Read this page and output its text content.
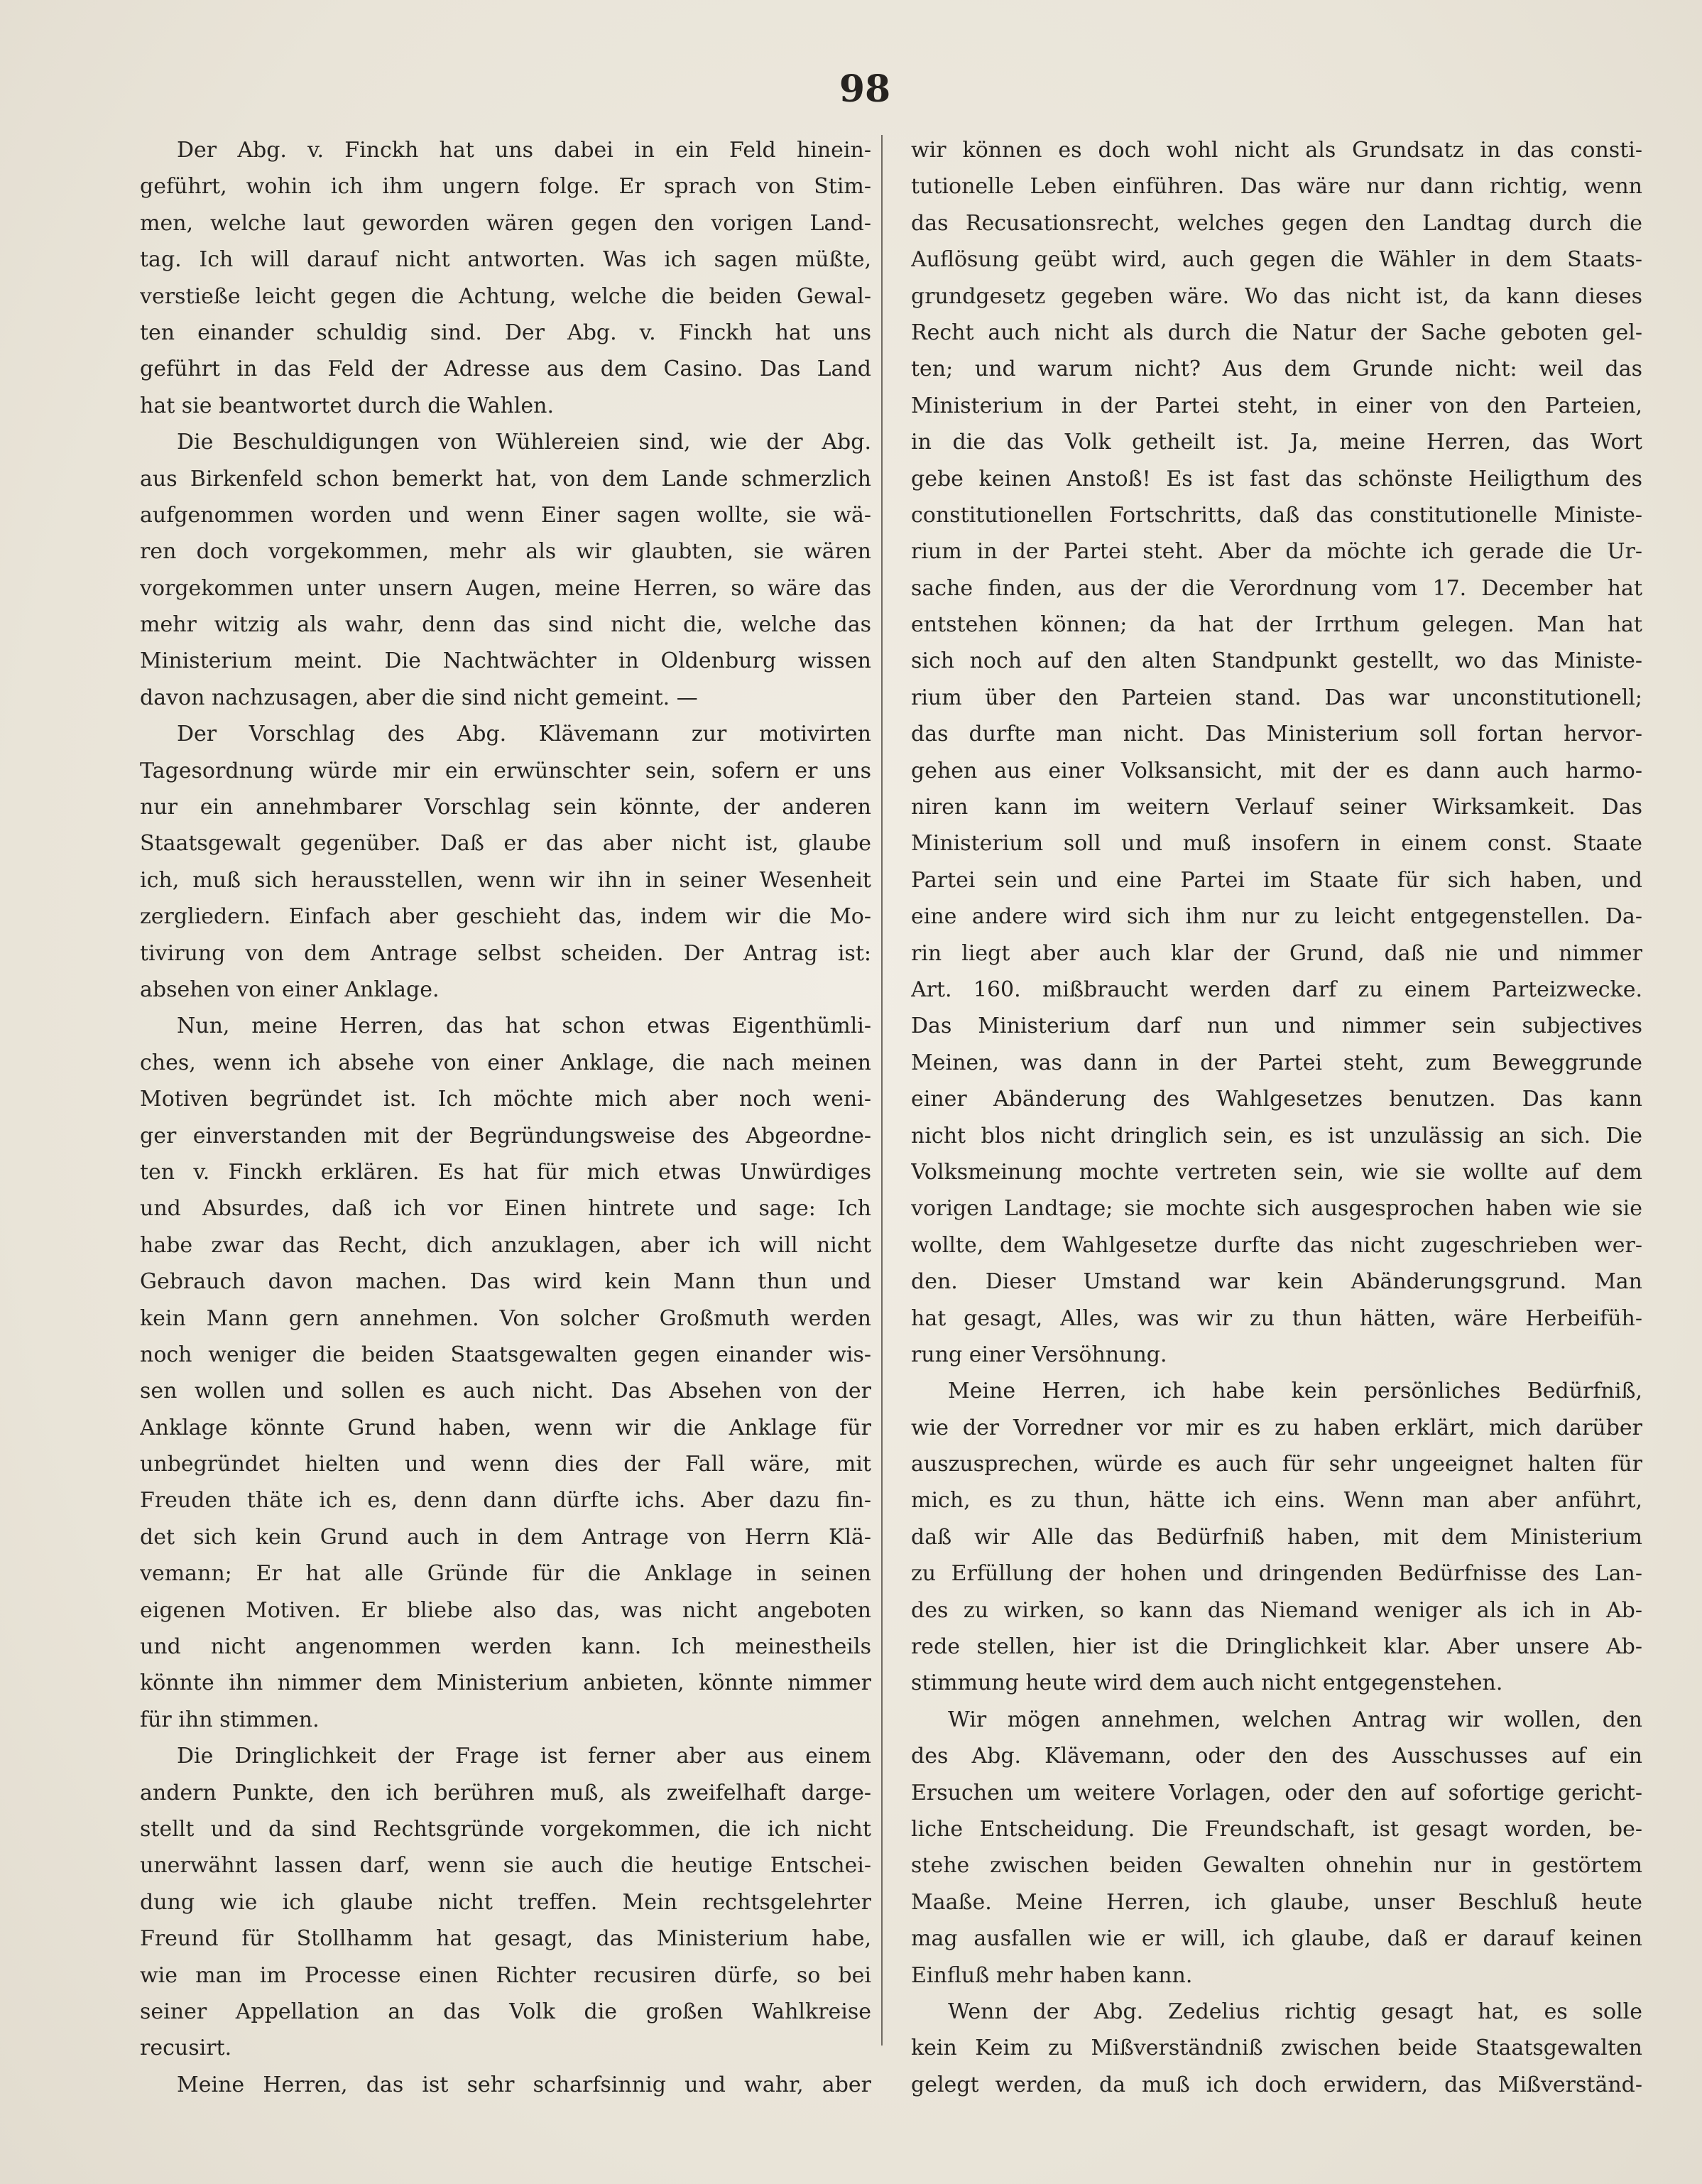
98
Der Abg. v. Finckh hat uns dabei in ein Feld hinein-
geführt, wohin ich ihm ungern folge. Er sprach von Stim-
men, welche laut geworden wären gegen den vorigen Land-
tag. Ich will darauf nicht antworten. Was ich sagen müßte,
verstieße leicht gegen die Achtung, welche die beiden Gewal-
ten einander schuldig sind. Der Abg. v. Finckh hat uns
geführt in das Feld der Adresse aus dem Casino. Das Land
hat sie beantwortet durch die Wahlen.
Die Beschuldigungen von Wühlereien sind, wie der Abg.
aus Birkenfeld schon bemerkt hat, von dem Lande schmerzlich
aufgenommen worden und wenn Einer sagen wollte, sie wä-
ren doch vorgekommen, mehr als wir glaubten, sie wären
vorgekommen unter unsern Augen, meine Herren, so wäre das
mehr witzig als wahr, denn das sind nicht die, welche das
Ministerium meint. Die Nachtwächter in Oldenburg wissen
davon nachzusagen, aber die sind nicht gemeint. —
Der Vorschlag des Abg. Klävemann zur motivirten
Tagesordnung würde mir ein erwünschter sein, sofern er uns
nur ein annehmbarer Vorschlag sein könnte, der anderen
Staatsgewalt gegenüber. Daß er das aber nicht ist, glaube
ich, muß sich herausstellen, wenn wir ihn in seiner Wesenheit
zergliedern. Einfach aber geschieht das, indem wir die Mo-
tivirung von dem Antrage selbst scheiden. Der Antrag ist:
absehen von einer Anklage.
Nun, meine Herren, das hat schon etwas Eigenthümli-
ches, wenn ich absehe von einer Anklage, die nach meinen
Motiven begründet ist. Ich möchte mich aber noch weni-
ger einverstanden mit der Begründungsweise des Abgeordne-
ten v. Finckh erklären. Es hat für mich etwas Unwürdiges
und Absurdes, daß ich vor Einen hintrete und sage: Ich
habe zwar das Recht, dich anzuklagen, aber ich will nicht
Gebrauch davon machen. Das wird kein Mann thun und
kein Mann gern annehmen. Von solcher Großmuth werden
noch weniger die beiden Staatsgewalten gegen einander wis-
sen wollen und sollen es auch nicht. Das Absehen von der
Anklage könnte Grund haben, wenn wir die Anklage für
unbegründet hielten und wenn dies der Fall wäre, mit
Freuden thäte ich es, denn dann dürfte ichs. Aber dazu fin-
det sich kein Grund auch in dem Antrage von Herrn Klä-
vemann; Er hat alle Gründe für die Anklage in seinen
eigenen Motiven. Er bliebe also das, was nicht angeboten
und nicht angenommen werden kann. Ich meinestheils
könnte ihn nimmer dem Ministerium anbieten, könnte nimmer
für ihn stimmen.
Die Dringlichkeit der Frage ist ferner aber aus einem
andern Punkte, den ich berühren muß, als zweifelhaft darge-
stellt und da sind Rechtsgründe vorgekommen, die ich nicht
unerwähnt lassen darf, wenn sie auch die heutige Entschei-
dung wie ich glaube nicht treffen. Mein rechtsgelehrter
Freund für Stollhamm hat gesagt, das Ministerium habe,
wie man im Processe einen Richter recusiren dürfe, so bei
seiner Appellation an das Volk die großen Wahlkreise
recusirt.
Meine Herren, das ist sehr scharfsinnig und wahr, aber
wir können es doch wohl nicht als Grundsatz in das consti-
tutionelle Leben einführen. Das wäre nur dann richtig, wenn
das Recusationsrecht, welches gegen den Landtag durch die
Auflösung geübt wird, auch gegen die Wähler in dem Staats-
grundgesetz gegeben wäre. Wo das nicht ist, da kann dieses
Recht auch nicht als durch die Natur der Sache geboten gel-
ten; und warum nicht? Aus dem Grunde nicht: weil das
Ministerium in der Partei steht, in einer von den Parteien,
in die das Volk getheilt ist. Ja, meine Herren, das Wort
gebe keinen Anstoß! Es ist fast das schönste Heiligthum des
constitutionellen Fortschritts, daß das constitutionelle Ministe-
rium in der Partei steht. Aber da möchte ich gerade die Ur-
sache finden, aus der die Verordnung vom 17. December hat
entstehen können; da hat der Irrthum gelegen. Man hat
sich noch auf den alten Standpunkt gestellt, wo das Ministe-
rium über den Parteien stand. Das war unconstitutionell;
das durfte man nicht. Das Ministerium soll fortan hervor-
gehen aus einer Volksansicht, mit der es dann auch harmo-
niren kann im weitern Verlauf seiner Wirksamkeit. Das
Ministerium soll und muß insofern in einem const. Staate
Partei sein und eine Partei im Staate für sich haben, und
eine andere wird sich ihm nur zu leicht entgegenstellen. Da-
rin liegt aber auch klar der Grund, daß nie und nimmer
Art. 160. mißbraucht werden darf zu einem Parteizwecke.
Das Ministerium darf nun und nimmer sein subjectives
Meinen, was dann in der Partei steht, zum Beweggrunde
einer Abänderung des Wahlgesetzes benutzen. Das kann
nicht blos nicht dringlich sein, es ist unzulässig an sich. Die
Volksmeinung mochte vertreten sein, wie sie wollte auf dem
vorigen Landtage; sie mochte sich ausgesprochen haben wie sie
wollte, dem Wahlgesetze durfte das nicht zugeschrieben wer-
den. Dieser Umstand war kein Abänderungsgrund. Man
hat gesagt, Alles, was wir zu thun hätten, wäre Herbeifüh-
rung einer Versöhnung.
Meine Herren, ich habe kein persönliches Bedürfniß,
wie der Vorredner vor mir es zu haben erklärt, mich darüber
auszusprechen, würde es auch für sehr ungeeignet halten für
mich, es zu thun, hätte ich eins. Wenn man aber anführt,
daß wir Alle das Bedürfniß haben, mit dem Ministerium
zu Erfüllung der hohen und dringenden Bedürfnisse des Lan-
des zu wirken, so kann das Niemand weniger als ich in Ab-
rede stellen, hier ist die Dringlichkeit klar. Aber unsere Ab-
stimmung heute wird dem auch nicht entgegenstehen.
Wir mögen annehmen, welchen Antrag wir wollen, den
des Abg. Klävemann, oder den des Ausschusses auf ein
Ersuchen um weitere Vorlagen, oder den auf sofortige gericht-
liche Entscheidung. Die Freundschaft, ist gesagt worden, be-
stehe zwischen beiden Gewalten ohnehin nur in gestörtem
Maaße. Meine Herren, ich glaube, unser Beschluß heute
mag ausfallen wie er will, ich glaube, daß er darauf keinen
Einfluß mehr haben kann.
Wenn der Abg. Zedelius richtig gesagt hat, es solle
kein Keim zu Mißverständniß zwischen beide Staatsgewalten
gelegt werden, da muß ich doch erwidern, das Mißverständ-
